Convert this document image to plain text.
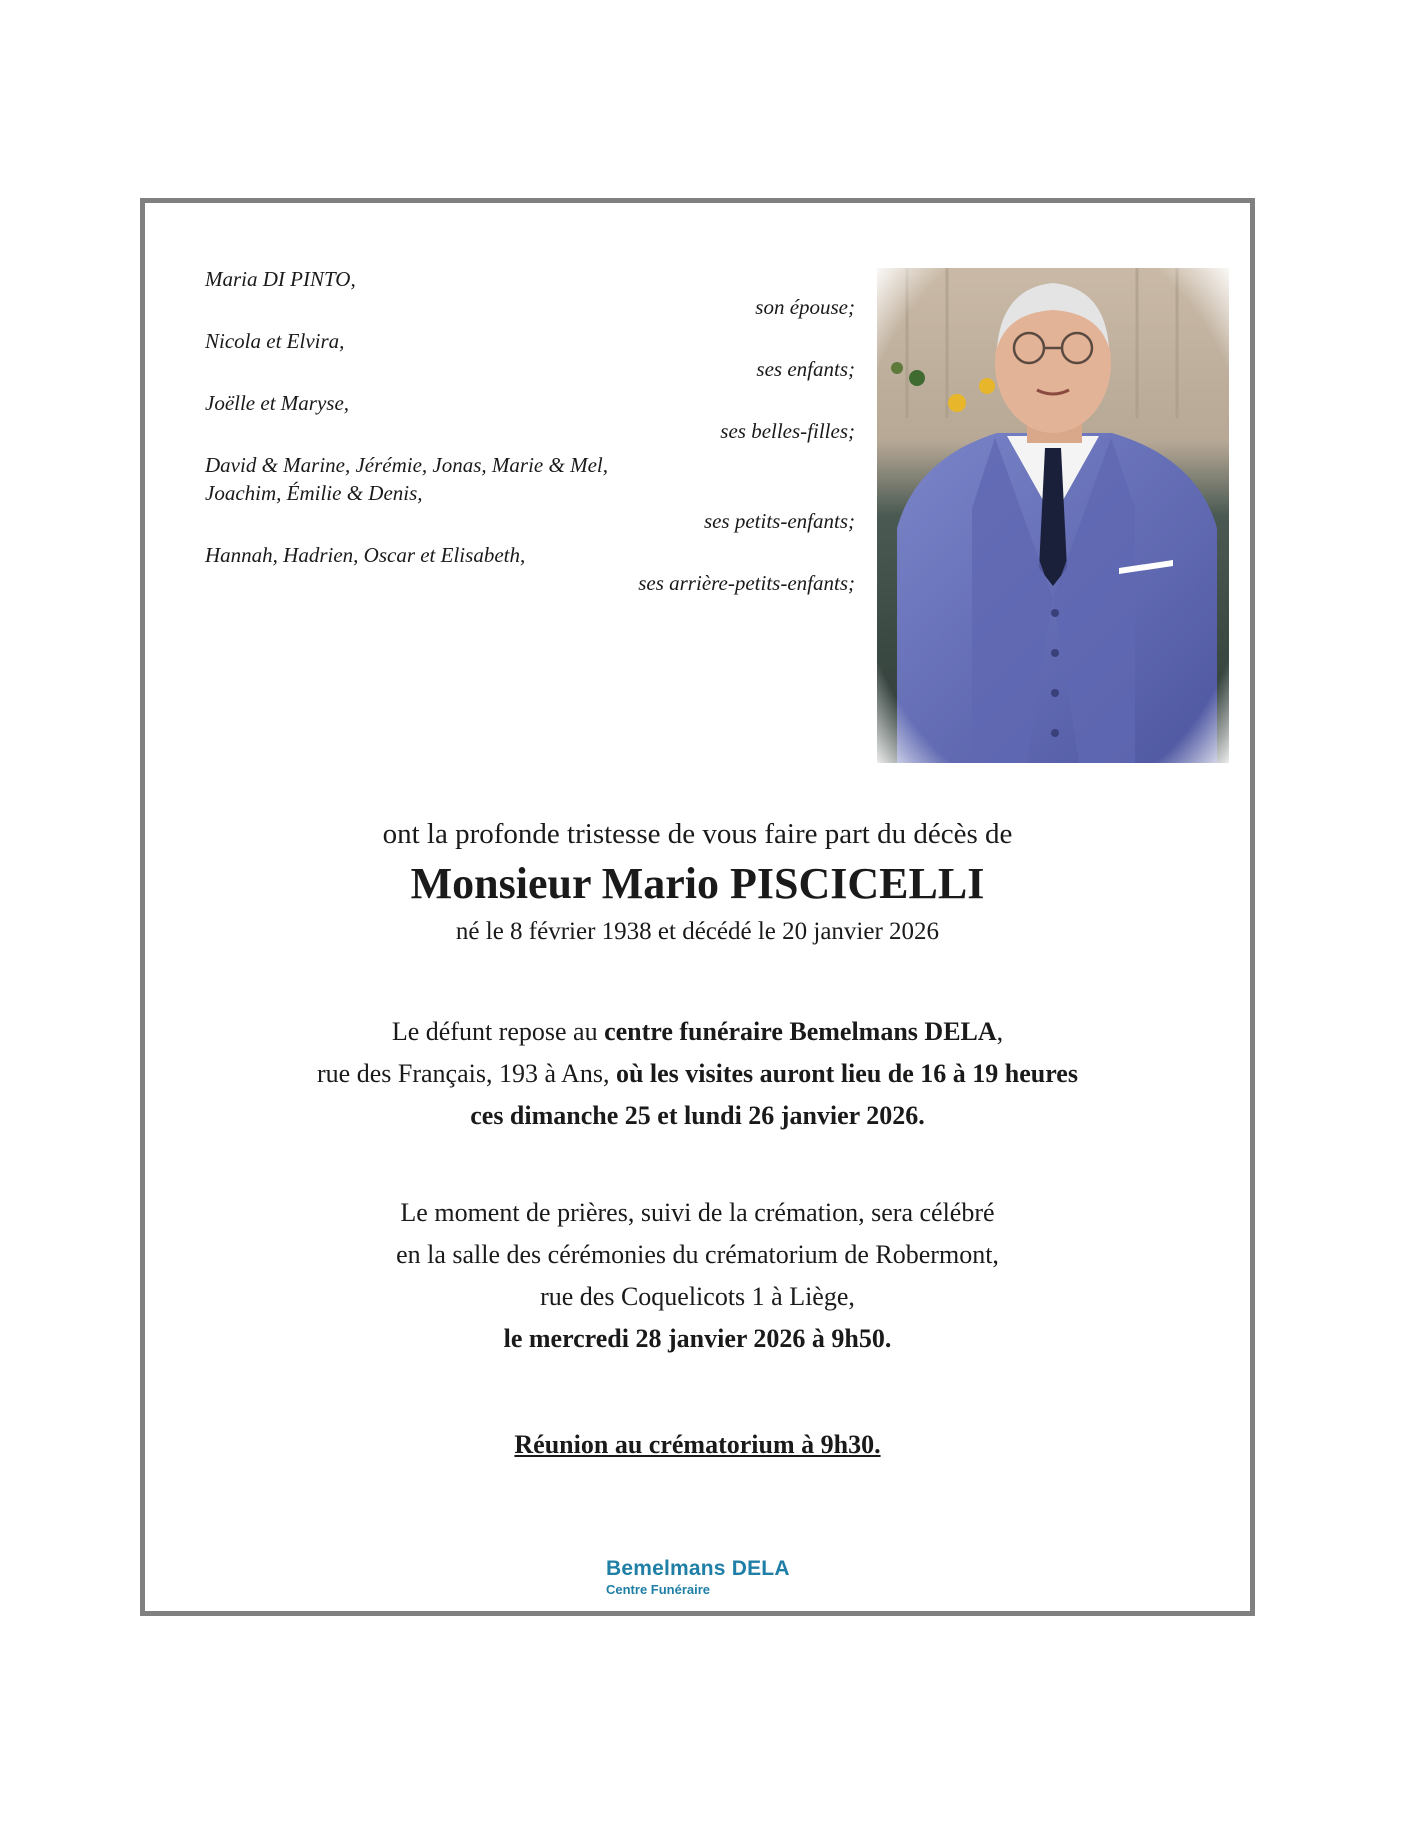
Maria DI PINTO,
son épouse;
Nicola et Elvira,
ses enfants;
Joëlle et Maryse,
ses belles-filles;
David & Marine, Jérémie, Jonas, Marie & Mel,
Joachim, Émilie & Denis,
ses petits-enfants;
Hannah, Hadrien, Oscar et Elisabeth,
ses arrière-petits-enfants;
ont la profonde tristesse de vous faire part du décès de
Monsieur Mario PISCICELLI
né le 8 février 1938 et décédé le 20 janvier 2026
Le défunt repose au centre funéraire Bemelmans DELA,
rue des Français, 193 à Ans, où les visites auront lieu de 16 à 19 heures
ces dimanche 25 et lundi 26 janvier 2026.
Le moment de prières, suivi de la crémation, sera célébré
en la salle des cérémonies du crématorium de Robermont,
rue des Coquelicots 1 à Liège,
le mercredi 28 janvier 2026 à 9h50.
Réunion au crématorium à 9h30.
Bemelmans DELA
Centre Funéraire
